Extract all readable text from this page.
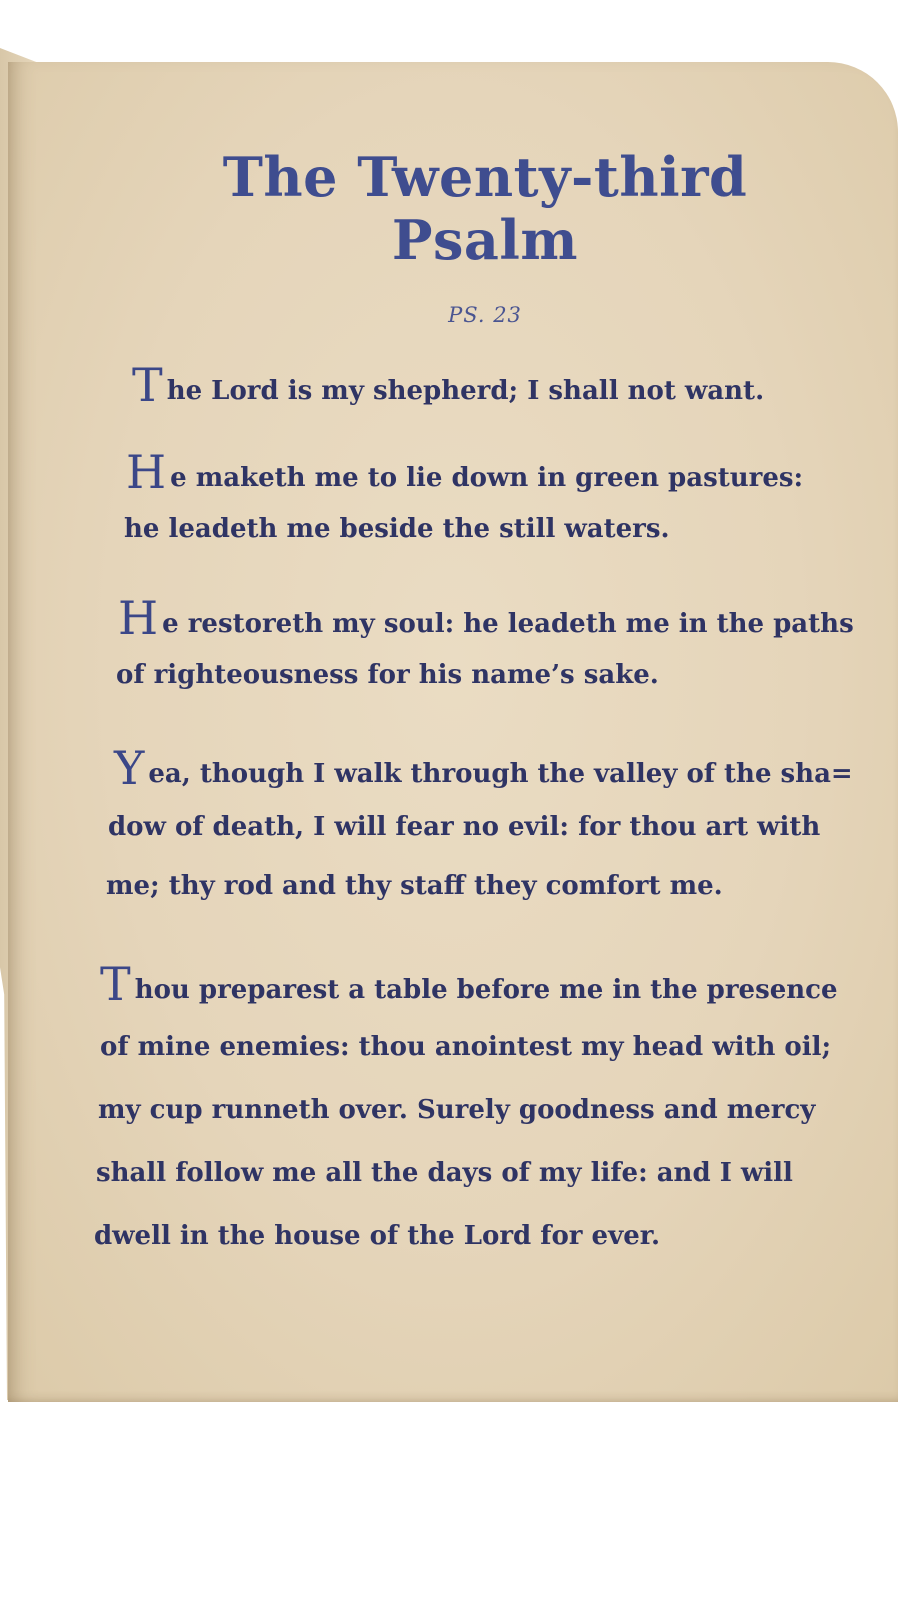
The Twenty-third
Psalm
PS. 23
The Lord is my shepherd; I shall not want.
He maketh me to lie down in green pastures:
he leadeth me beside the still waters.
He restoreth my soul: he leadeth me in the paths
of righteousness for his name’s sake.
Yea, though I walk through the valley of the sha=
dow of death, I will fear no evil: for thou art with
me; thy rod and thy staff they comfort me.
Thou preparest a table before me in the presence
of mine enemies: thou anointest my head with oil;
my cup runneth over. Surely goodness and mercy
shall follow me all the days of my life: and I will
dwell in the house of the Lord for ever.
